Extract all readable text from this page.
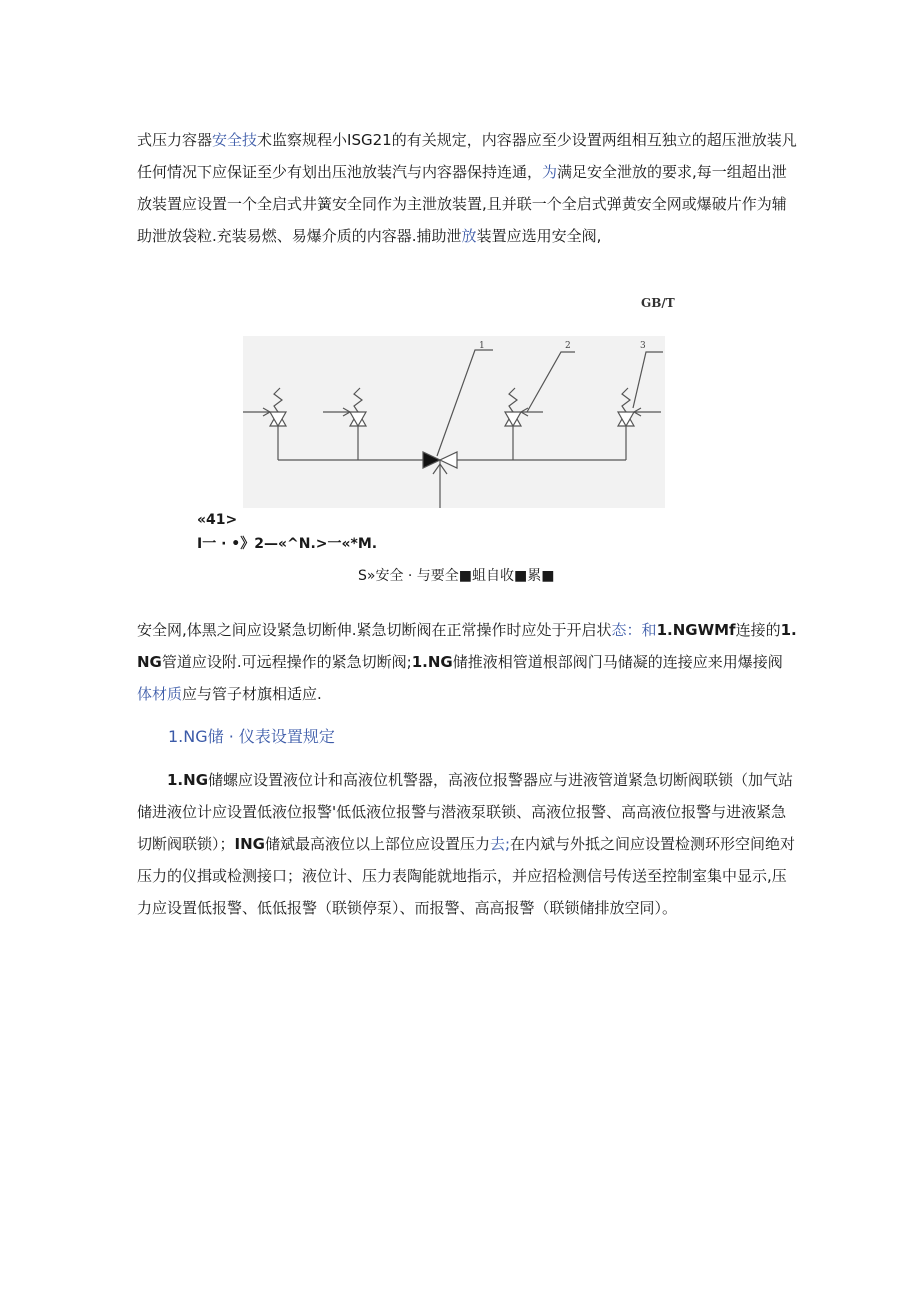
式压力容器安全技术监察规程小ISG21的有关规定，内容器应至少设置两组相互独立的超压泄放装凡任何情况下应保证至少有划出压池放装汽与内容器保持连通，为满足安全泄放的要求,每一组超出泄放装置应设置一个全启式井簧安全同作为主泄放装置,且并联一个全启式弹黄安全网或爆破片作为辅助泄放袋粒.充装易燃、易爆介质的内容器.捕助泄放装置应选用安全阀,

GB/T
1	2	3

«41>

I一 · •》2—«^N.>一«*M.

S»安全 · 与要全■蛆自收■累■

安全网,体黑之间应设紧急切断伸.紧急切断阀在正常操作时应处于开启状态：和1.NGWMf连接的1.NG管道应设附.可远程操作的紧急切断阀;1.NG储推液相管道根部阀门马储凝的连接应来用爆接阀体材质应与管子材旗相适应.

1.NG储 · 仪表设置规定

1.NG储螺应设置液位计和高液位机警器，高液位报警器应与进液管道紧急切断阀联锁（加气站储进液位计应设置低液位报警'低低液位报警与潜液泵联锁、高液位报警、高高液位报警与进液紧急切断阀联锁）；ING储斌最高液位以上部位应设置压力去;在内斌与外抵之间应设置检测环形空间绝对压力的仪揖或检测接口；液位计、压力表陶能就地指示，并应招检测信号传送至控制室集中显示,压力应设置低报警、低低报警（联锁停泵）、而报警、高高报警（联锁储排放空同）。
